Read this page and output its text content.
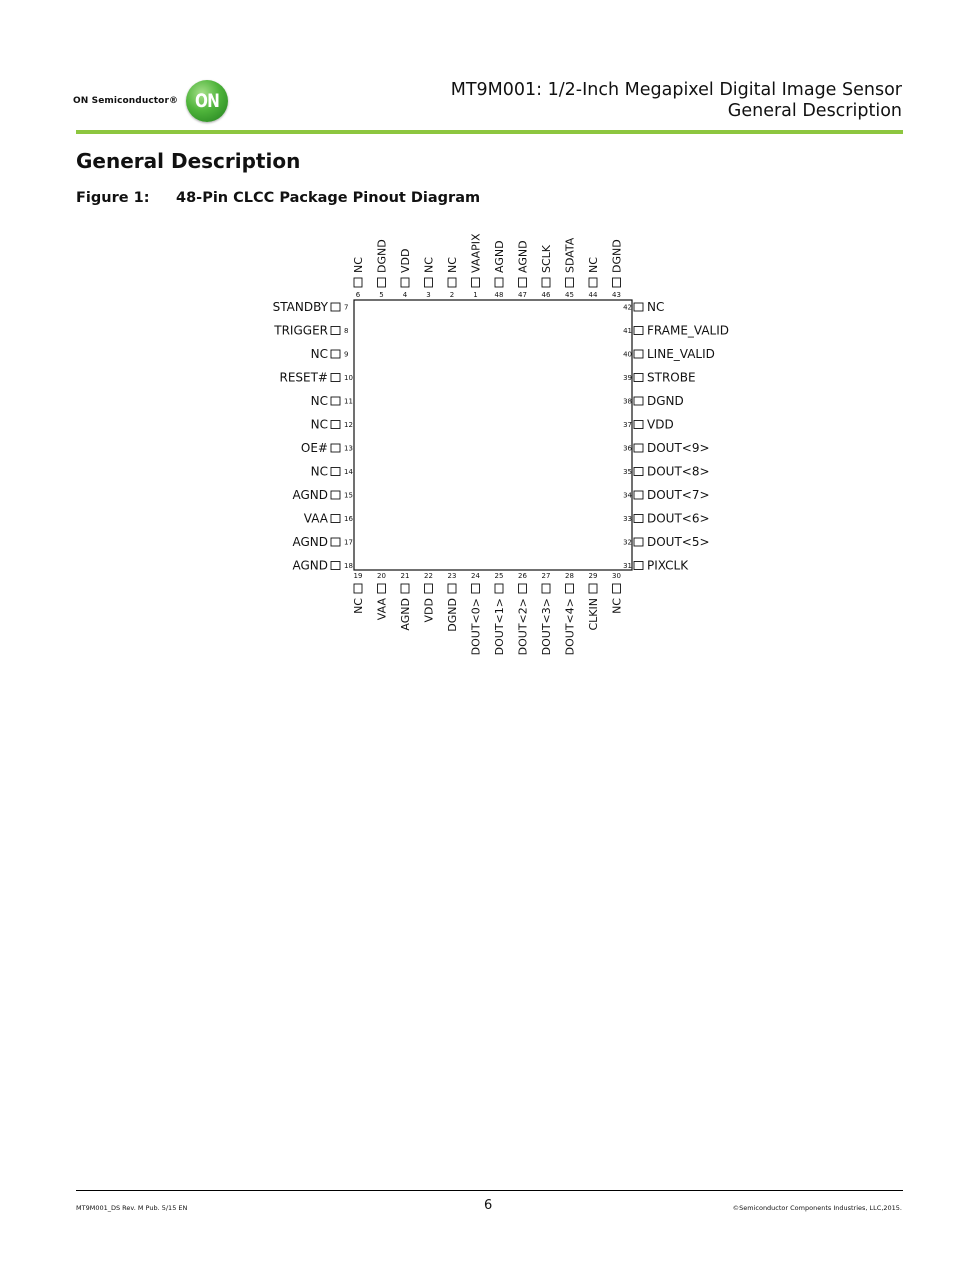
ON Semiconductor® ON	MT9M001: 1/2-Inch Megapixel Digital Image Sensor
General Description
General Description
Figure 1: 48-Pin CLCC Package Pinout Diagram
6
NC
5
DGND
4
VDD
3
NC
2
NC
1
VAAPIX
48
AGND
47
AGND
46
SCLK
45
SDATA
44
NC
43
DGND
19
NC
20
VAA
21
AGND
22
VDD
23
DGND
24
DOUT<0>
25
DOUT<1>
26
DOUT<2>
27
DOUT<3>
28
DOUT<4>
29
CLKIN
30
NC
7
STANDBY
8
TRIGGER
9
NC
10
RESET#
11
NC
12
NC
13
OE#
14
NC
15
AGND
16
VAA
17
AGND
18
AGND
42 NC
41 FRAME_VALID
40 LINE_VALID
39 STROBE
38 DGND
37 VDD
36 DOUT<9>
35 DOUT<8>
34 DOUT<7>
33 DOUT<6>
32 DOUT<5>
31 PIXCLK
MT9M001_DS Rev. M Pub. 5/15 EN	6	©Semiconductor Components Industries, LLC,2015.
